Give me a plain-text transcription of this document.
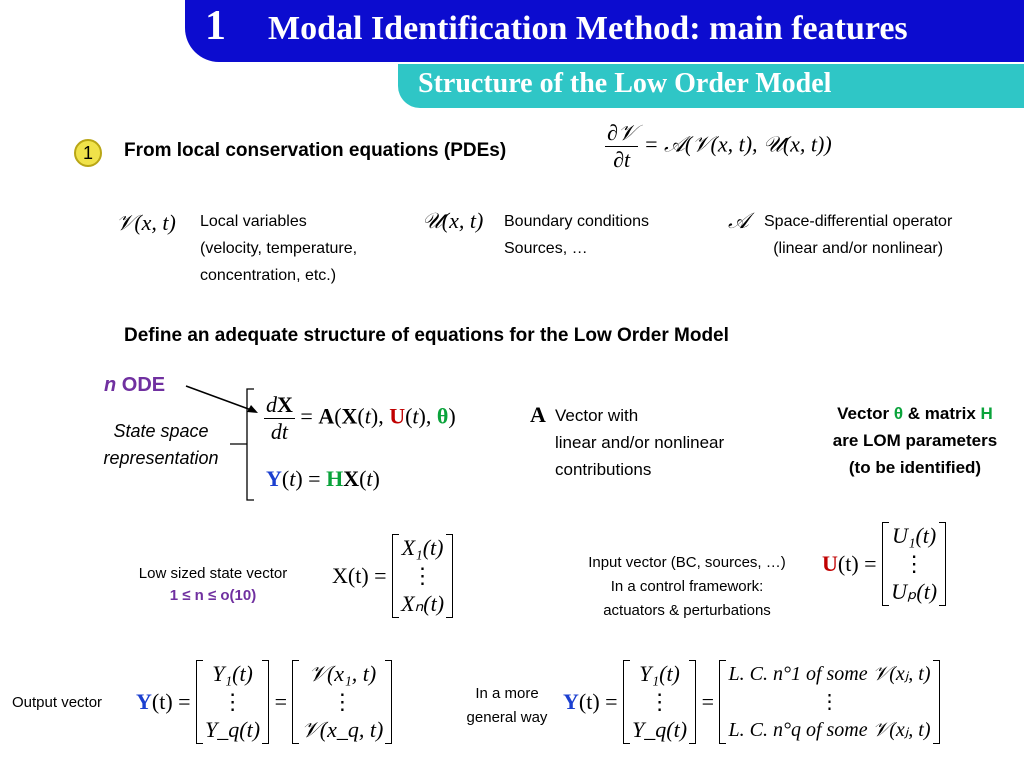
1 Modal Identification Method: main features
Structure of the Low Order Model
1	From local conservation equations (PDEs)	$\frac{\text{∂𝒱}}{\partial t}$ = 𝒜(𝒱(x, t), 𝒰(x, t))
𝒱(x, t) Local variables
(velocity, temperature,
concentration, etc.)
𝒰(x, t) Boundary conditions
Sources, …
𝒜 Space-differential operator
(linear and/or nonlinear)
Define an adequate structure of equations for the Low Order Model
n ODE
State space
representation
$\frac{dX}{dt} = A(X(t)$, U(t), θ)
Y(t) = HX(t)
A Vector with
linear and/or nonlinear
contributions
Vector θ & matrix H
are LOM parameters
(to be identified)
Low sized state vector
1 ≤ n ≤ o(10)
X(t) =
X₁(t)
⋮
Xₙ(t)
Input vector (BC, sources, …)
In a control framework:
actuators & perturbations
U(t) =
U₁(t)
⋮
Uₚ(t)
Output vector Y(t) =
Y₁(t)
⋮
Y_q(t)
=
𝒱(x₁, t)
⋮
𝒱(x_q, t)
In a more
general way
Y(t) =
Y₁(t)
⋮
Y_q(t)
=
L. C. n°1 of some 𝒱(xⱼ, t)
⋮
L. C. n°q of some 𝒱(xⱼ, t)
